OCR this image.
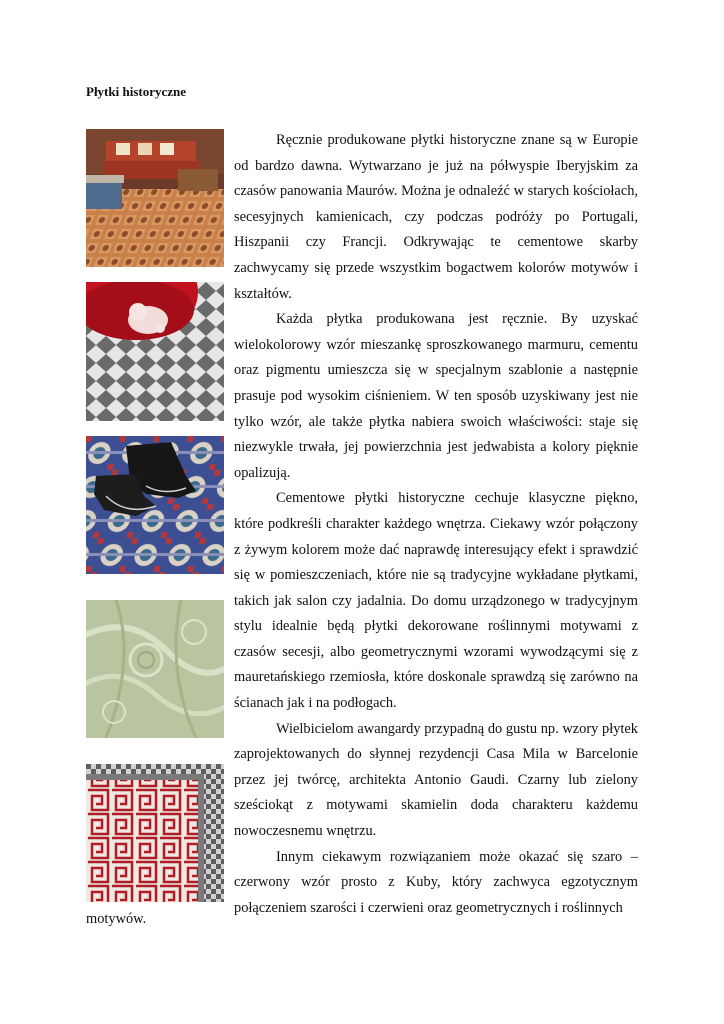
Płytki historyczne

Ręcznie produkowane płytki historyczne znane są w Europie od bardzo dawna. Wytwarzano je już na półwyspie Iberyjskim za czasów panowania Maurów. Można je odnaleźć w starych kościołach, secesyjnych kamienicach, czy podczas podróży po Portugali, Hiszpanii czy Francji. Odkrywając te cementowe skarby zachwycamy się przede wszystkim bogactwem kolorów motywów i kształtów.

Każda płytka produkowana jest ręcznie. By uzyskać wielokolorowy wzór mieszankę sproszkowanego marmuru, cementu oraz pigmentu umieszcza się w specjalnym szablonie a następnie prasuje pod wysokim ciśnieniem. W ten sposób uzyskiwany jest nie tylko wzór, ale także płytka nabiera swoich właściwości: staje się niezwykle trwała, jej powierzchnia jest jedwabista a kolory pięknie opalizują.

Cementowe płytki historyczne cechuje klasyczne piękno, które podkreśli charakter każdego wnętrza. Ciekawy wzór połączony z żywym kolorem może dać naprawdę interesujący efekt i sprawdzić się w pomieszczeniach, które nie są tradycyjne wykładane płytkami, takich jak salon czy jadalnia. Do domu urządzonego w tradycyjnym stylu idealnie będą płytki dekorowane roślinnymi motywami z czasów secesji, albo geometrycznymi wzorami wywodzącymi się z mauretańskiego rzemiosła, które doskonale sprawdzą się zarówno na ścianach jak i na podłogach.

Wielbicielom awangardy przypadną do gustu np. wzory płytek zaprojektowanych do słynnej rezydencji Casa Mila w Barcelonie przez jej twórcę, architekta Antonio Gaudi. Czarny lub zielony sześciokąt z motywami skamielin doda charakteru każdemu nowoczesnemu wnętrzu.

Innym ciekawym rozwiązaniem może okazać się szaro – czerwony wzór prosto z Kuby, który zachwyca egzotycznym połączeniem szarości i czerwieni oraz geometrycznych i roślinnych

motywów.
